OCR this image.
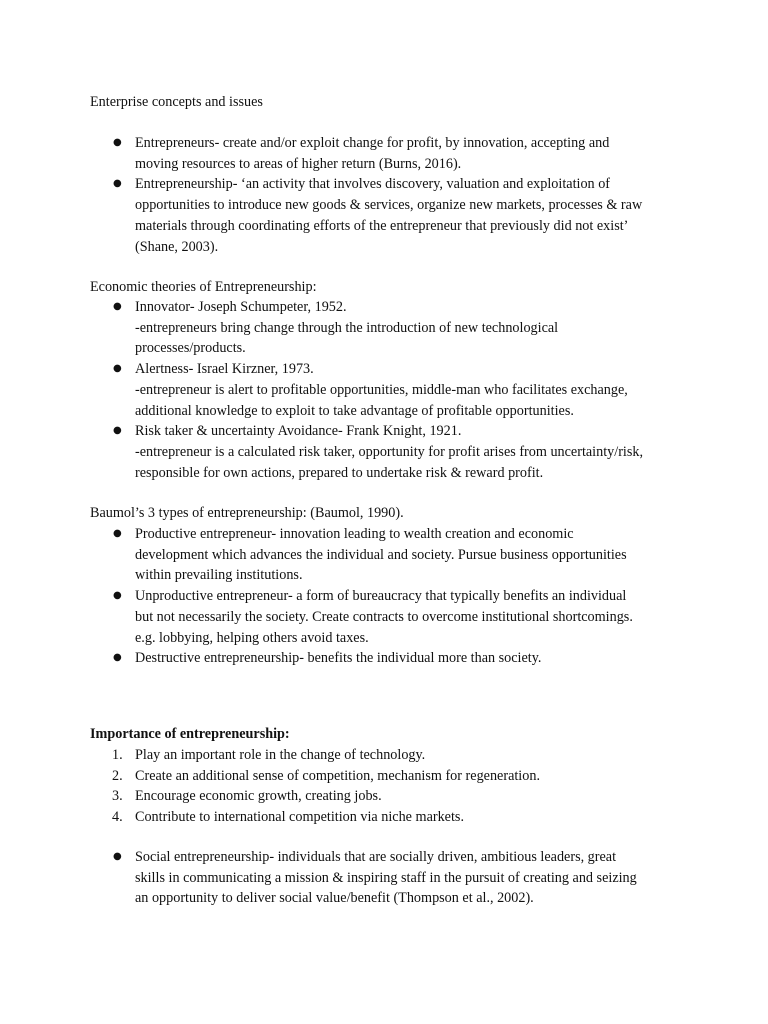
Enterprise concepts and issues

● Entrepreneurs- create and/or exploit change for profit, by innovation, accepting and
moving resources to areas of higher return (Burns, 2016).
● Entrepreneurship- ‘an activity that involves discovery, valuation and exploitation of
opportunities to introduce new goods & services, organize new markets, processes & raw
materials through coordinating efforts of the entrepreneur that previously did not exist’
(Shane, 2003).

Economic theories of Entrepreneurship:

● Innovator- Joseph Schumpeter, 1952.
-entrepreneurs bring change through the introduction of new technological
processes/products.
● Alertness- Israel Kirzner, 1973.
-entrepreneur is alert to profitable opportunities, middle-man who facilitates exchange,
additional knowledge to exploit to take advantage of profitable opportunities.
● Risk taker & uncertainty Avoidance- Frank Knight, 1921.
-entrepreneur is a calculated risk taker, opportunity for profit arises from uncertainty/risk,
responsible for own actions, prepared to undertake risk & reward profit.

Baumol’s 3 types of entrepreneurship: (Baumol, 1990).

● Productive entrepreneur- innovation leading to wealth creation and economic
development which advances the individual and society. Pursue business opportunities
within prevailing institutions.
● Unproductive entrepreneur- a form of bureaucracy that typically benefits an individual
but not necessarily the society. Create contracts to overcome institutional shortcomings.
e.g. lobbying, helping others avoid taxes.
● Destructive entrepreneurship- benefits the individual more than society.

Importance of entrepreneurship:

1. Play an important role in the change of technology.
2. Create an additional sense of competition, mechanism for regeneration.
3. Encourage economic growth, creating jobs.
4. Contribute to international competition via niche markets.
● Social entrepreneurship- individuals that are socially driven, ambitious leaders, great
skills in communicating a mission & inspiring staff in the pursuit of creating and seizing
an opportunity to deliver social value/benefit (Thompson et al., 2002).
